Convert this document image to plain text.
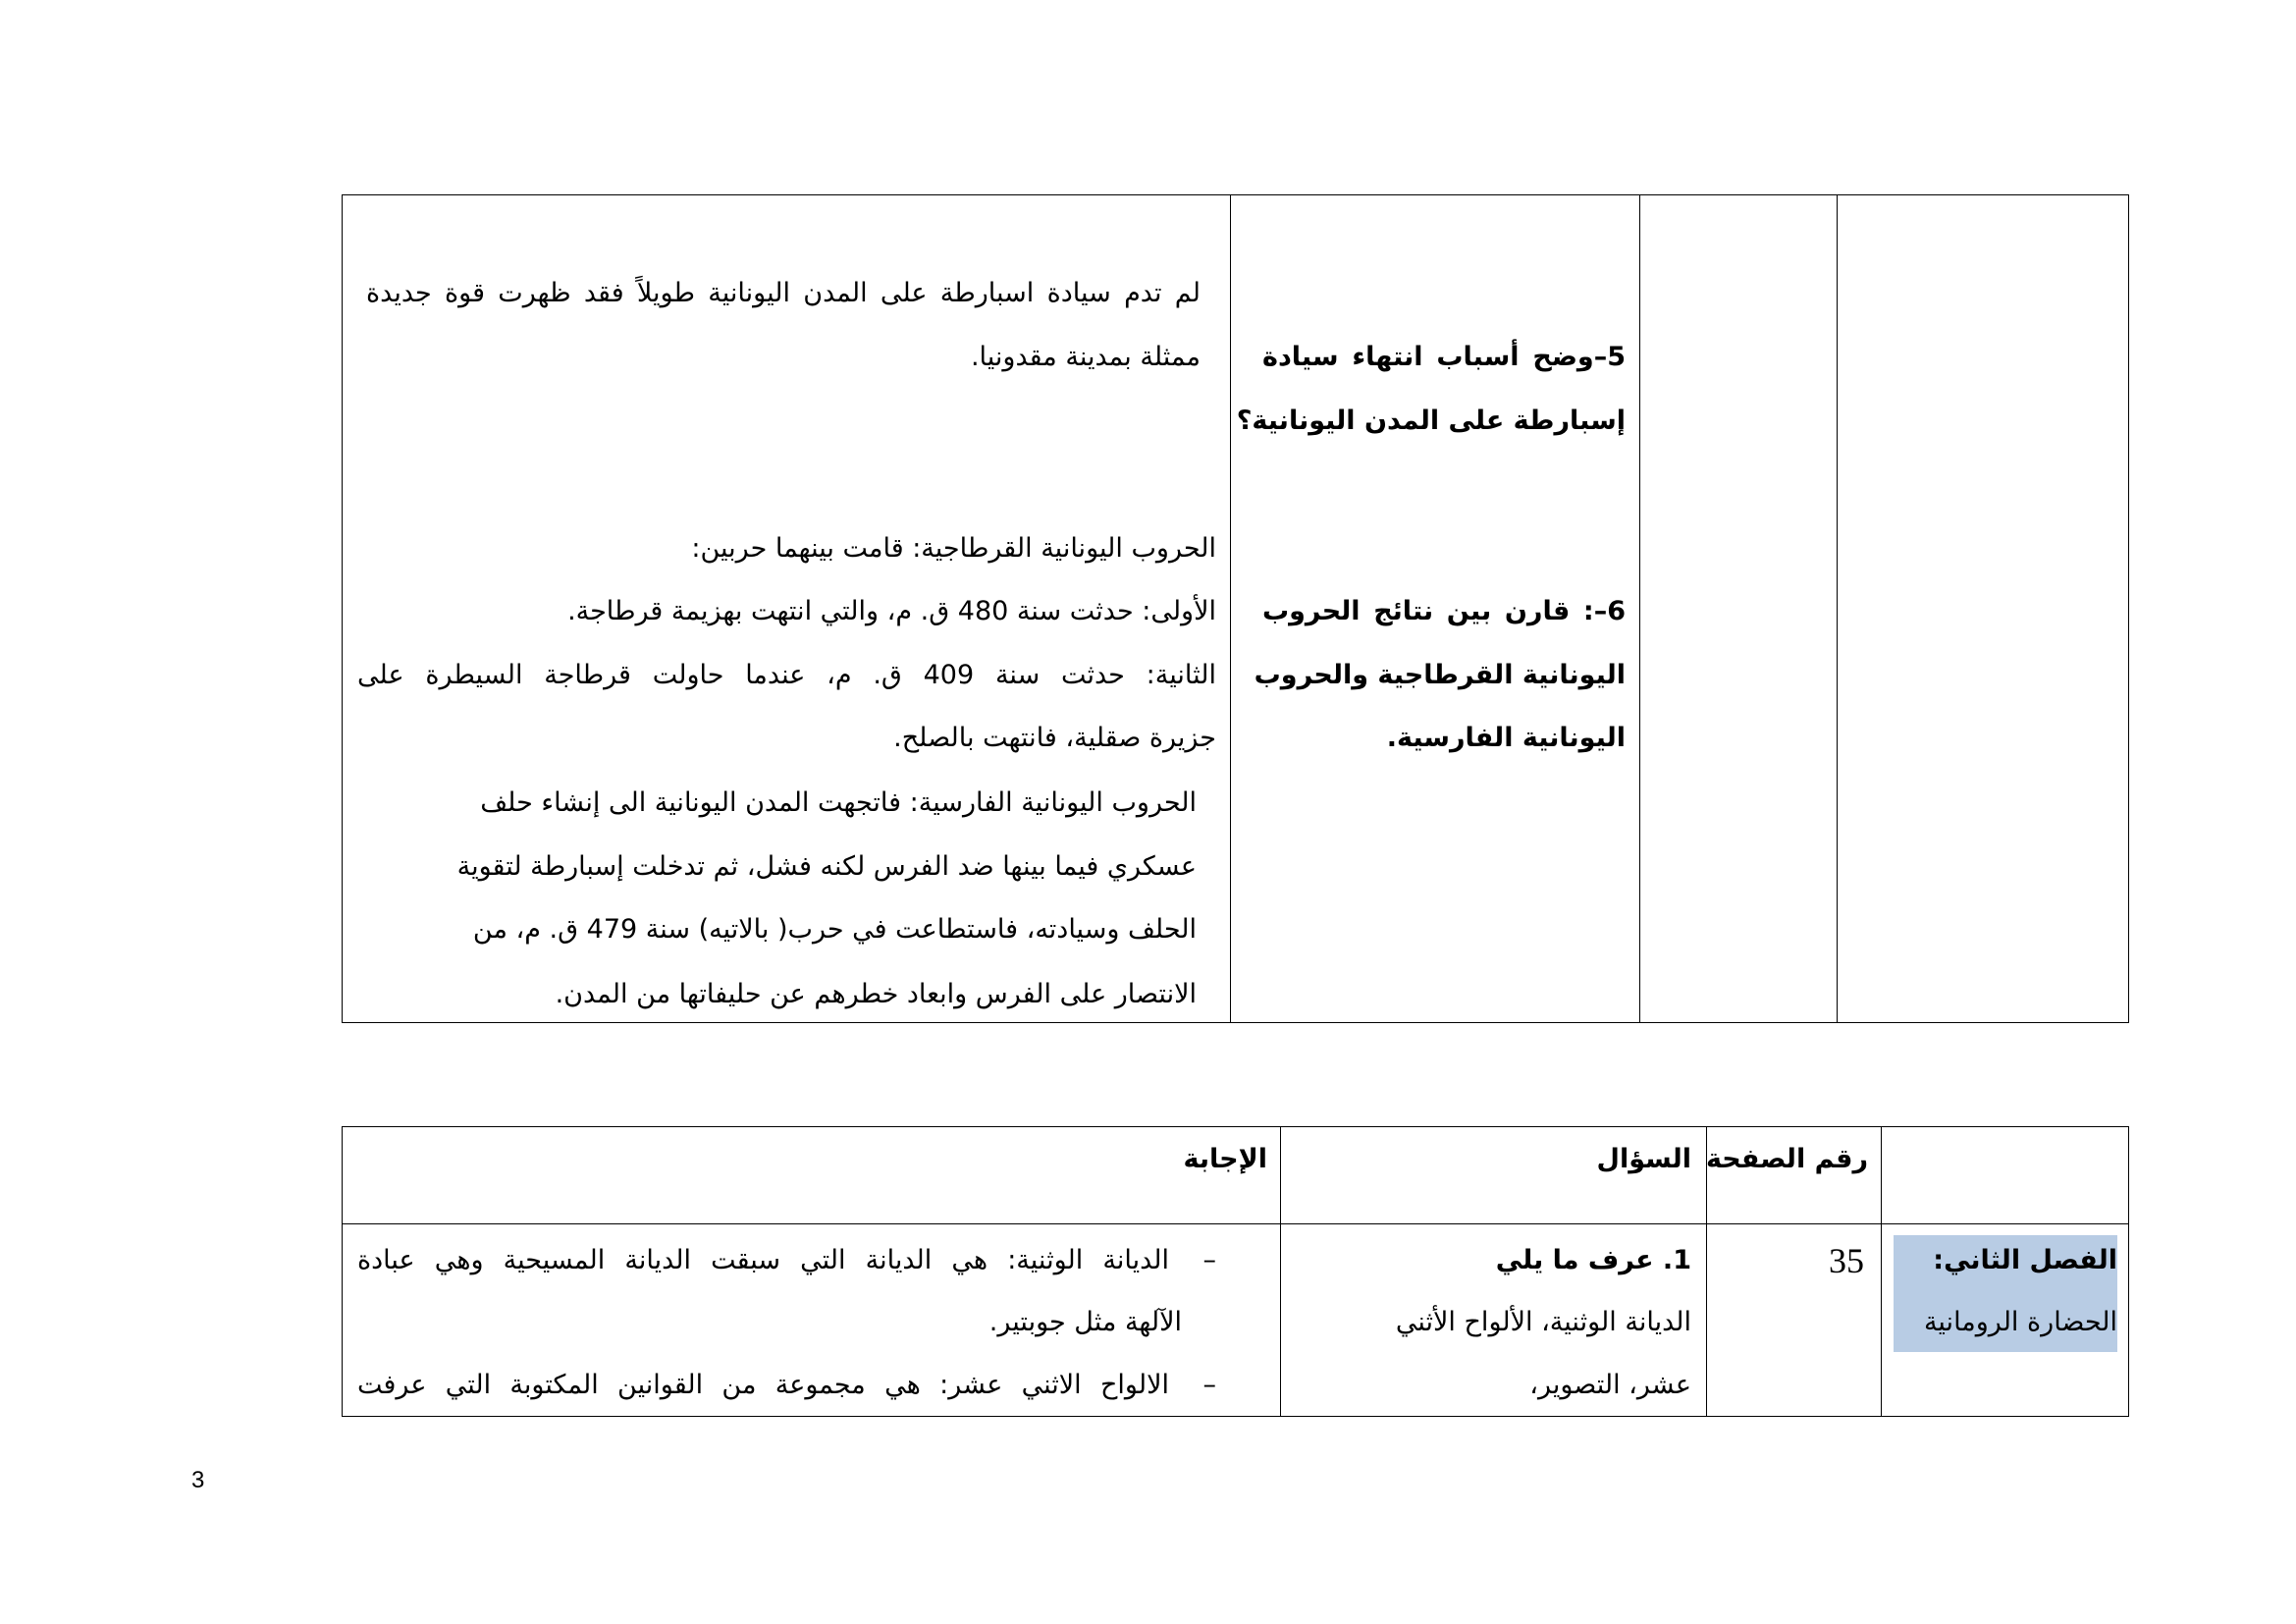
لم تدم سيادة اسبارطة على المدن اليونانية طويلاً فقد ظهرت قوة جديدة
ممثلة بمدينة مقدونيا.
الحروب اليونانية القرطاجية: قامت بينهما حربين:
الأولى: حدثت سنة 480 ق. م، والتي انتهت بهزيمة قرطاجة.
الثانية: حدثت سنة 409 ق. م، عندما حاولت قرطاجة السيطرة على
جزيرة صقلية، فانتهت بالصلح.
الحروب اليونانية الفارسية: فاتجهت المدن اليونانية الى إنشاء حلف
عسكري فيما بينها ضد الفرس لكنه فشل، ثم تدخلت إسبارطة لتقوية
الحلف وسيادته، فاستطاعت في حرب( بالاتيه) سنة 479 ق. م، من
الانتصار على الفرس وابعاد خطرهم عن حليفاتها من المدن.
5–وضح أسباب انتهاء سيادة
إسبارطة على المدن اليونانية؟
6–: قارن بين نتائج الحروب
اليونانية القرطاجية والحروب
اليونانية الفارسية.
الإجابة
–
الديانة الوثنية: هي الديانة التي سبقت الديانة المسيحية وهي عبادة
الآلهة مثل جوبتير.
–
الالواح الاثني عشر: هي مجموعة من القوانين المكتوبة التي عرفت
السؤال
1. عرف ما يلي
الديانة الوثنية، الألواح الأثني
عشر، التصوير،
رقم الصفحة
35	الفصل الثاني:
الحضارة الرومانية
3
